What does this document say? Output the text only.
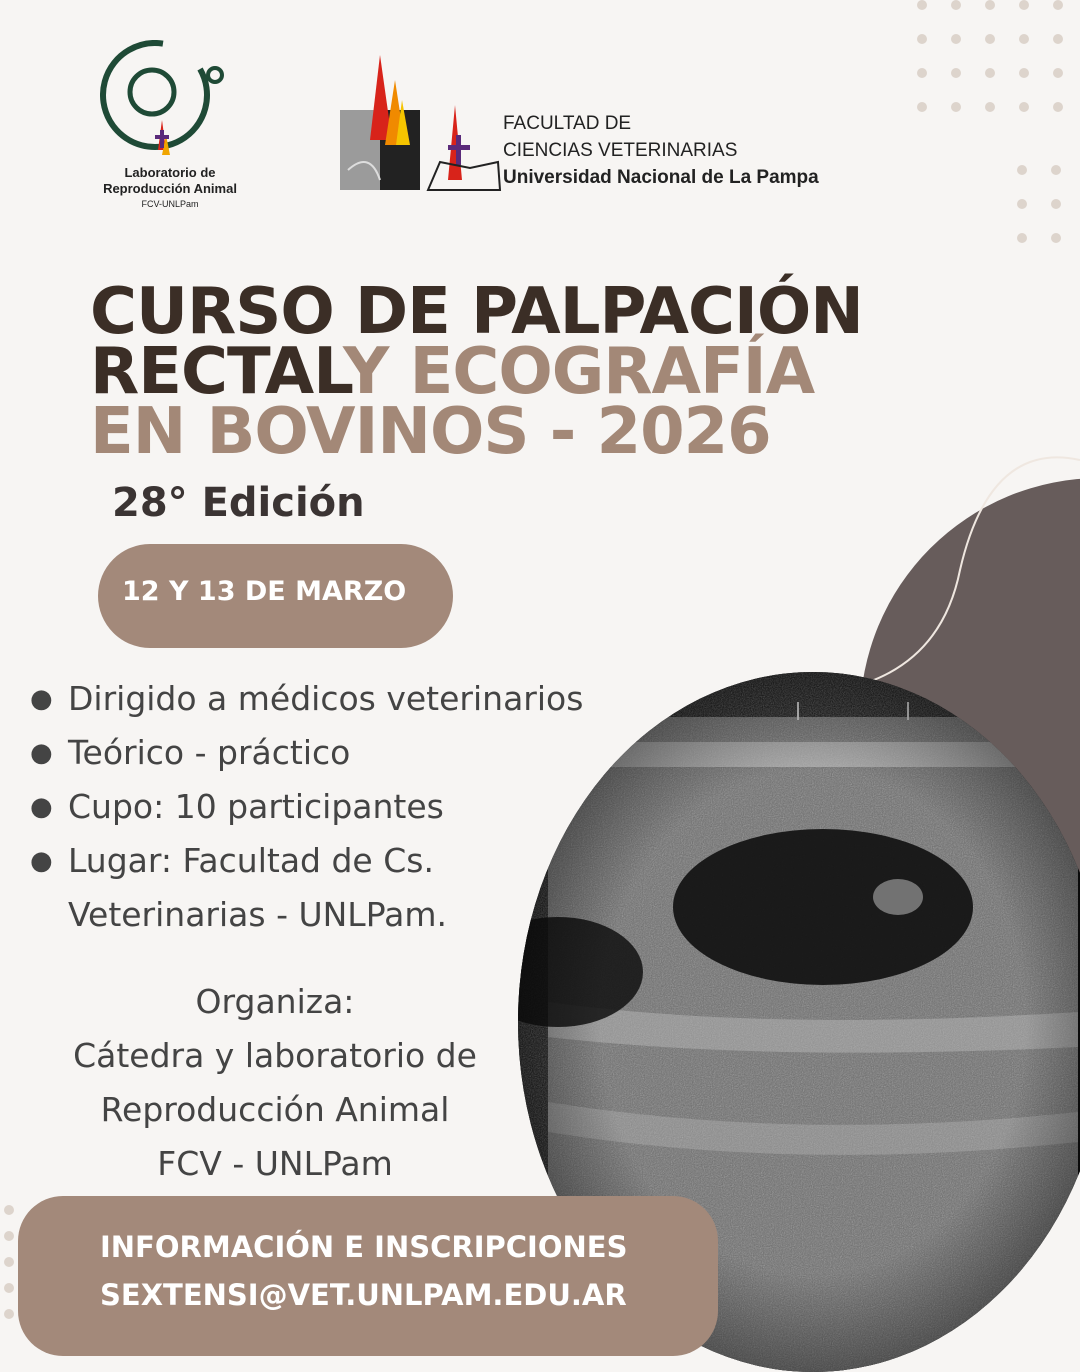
Laboratorio de
Reproducción Animal
FCV-UNLPam
FACULTAD DE
CIENCIAS VETERINARIAS
Universidad Nacional de La Pampa
CURSO DE PALPACIÓN
RECTALY ECOGRAFÍA
EN BOVINOS - 2026
28° Edición
12 Y 13 DE MARZO
● Dirigido a médicos veterinarios
● Teórico - práctico
● Cupo: 10 participantes
● Lugar: Facultad de Cs.
Veterinarias - UNLPam.
Organiza:
Cátedra y laboratorio de
Reproducción Animal
FCV - UNLPam
INFORMACIÓN E INSCRIPCIONES
SEXTENSI@VET.UNLPAM.EDU.AR
